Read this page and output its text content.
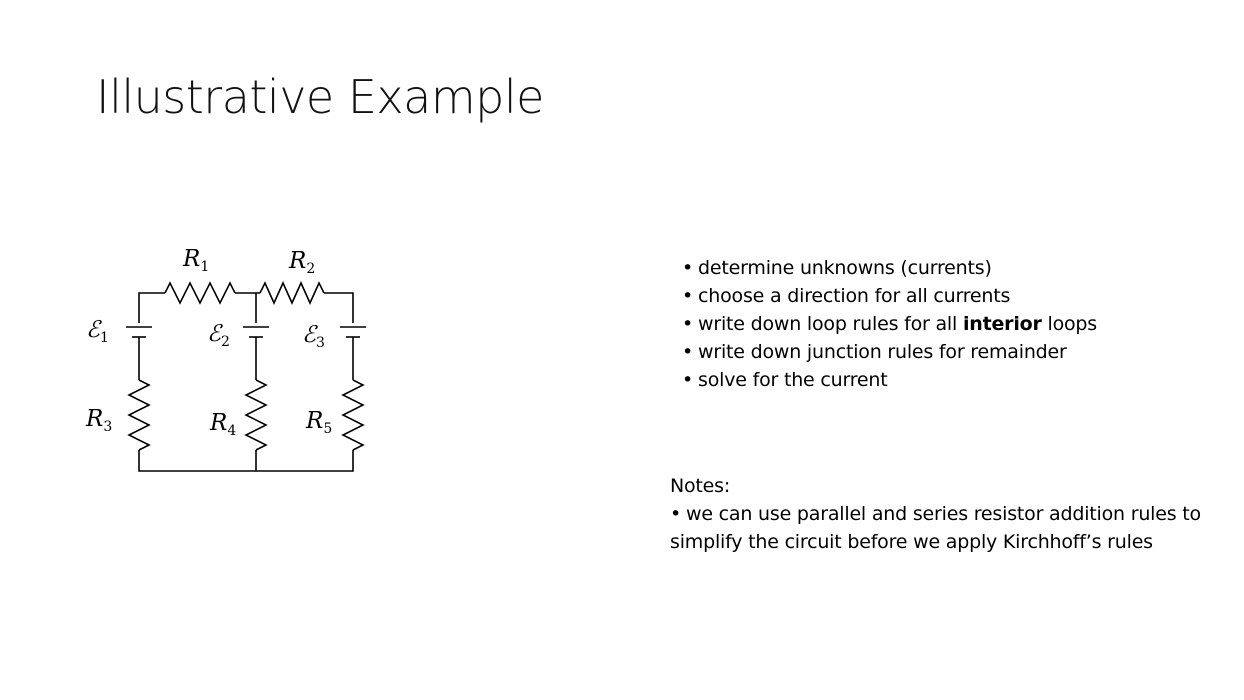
Illustrative Example
$R_1$	$R_2$
ℰ$_1$	ℰ$_2$	ℰ$_3$
$R_3$	$R_4$	$R_5$
• determine unknowns (currents)
• choose a direction for all currents
• write down loop rules for all interior loops
• write down junction rules for remainder
• solve for the current
Notes:
• we can use parallel and series resistor addition rules to simplify the circuit before we apply Kirchhoff’s rules
